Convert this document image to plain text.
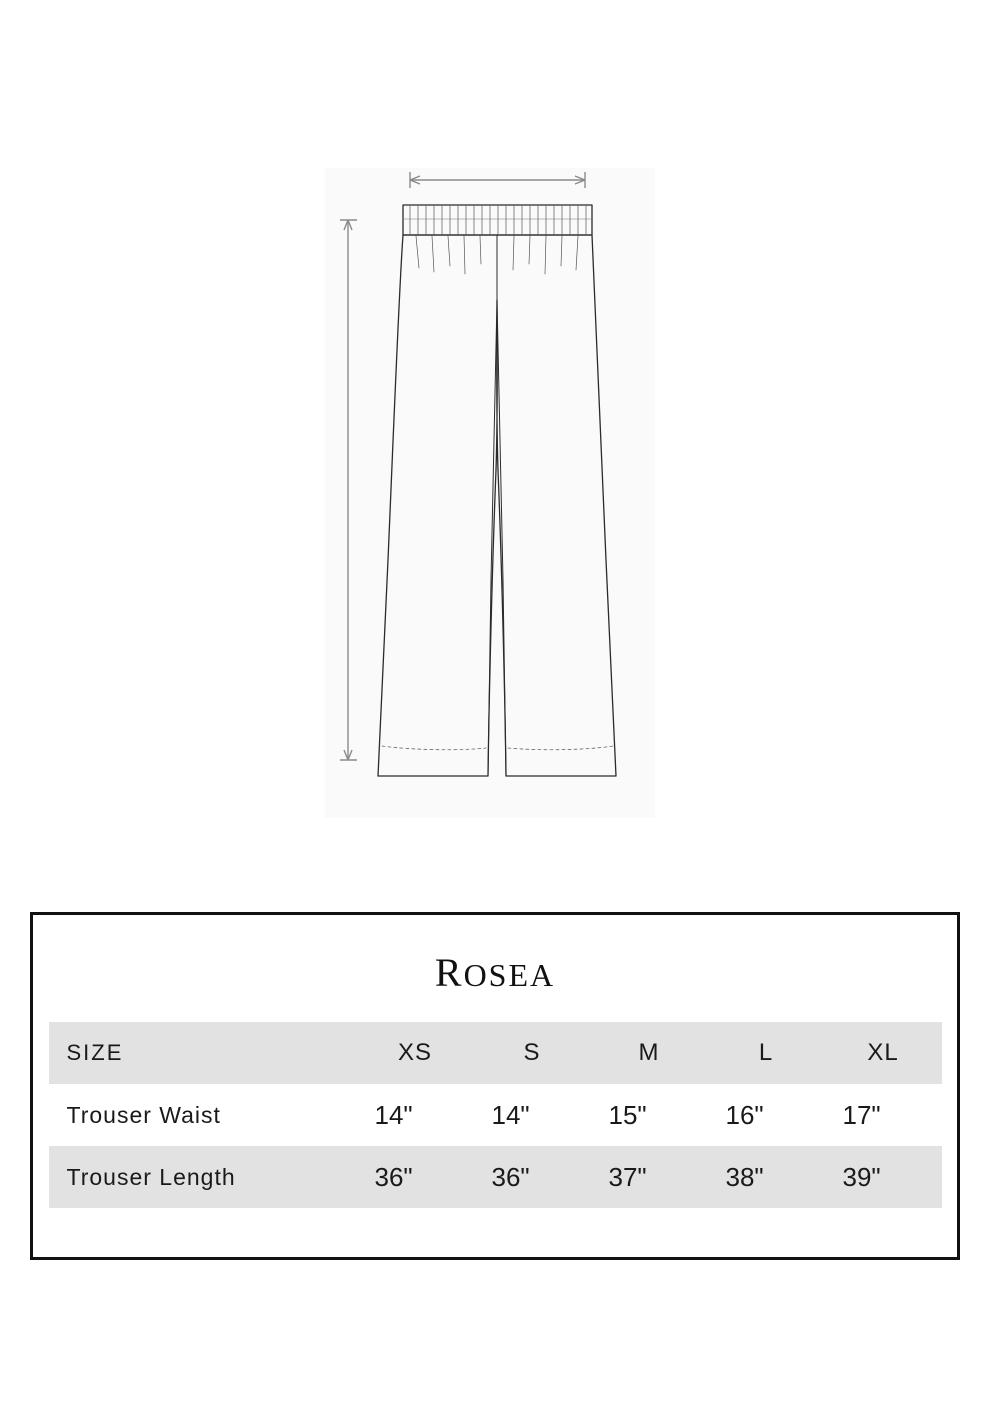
ROSEA
SIZE	XS	S	M	L	XL
Trouser Waist	14"	14"	15"	16"	17"
Trouser Length	36"	36"	37"	38"	39"
